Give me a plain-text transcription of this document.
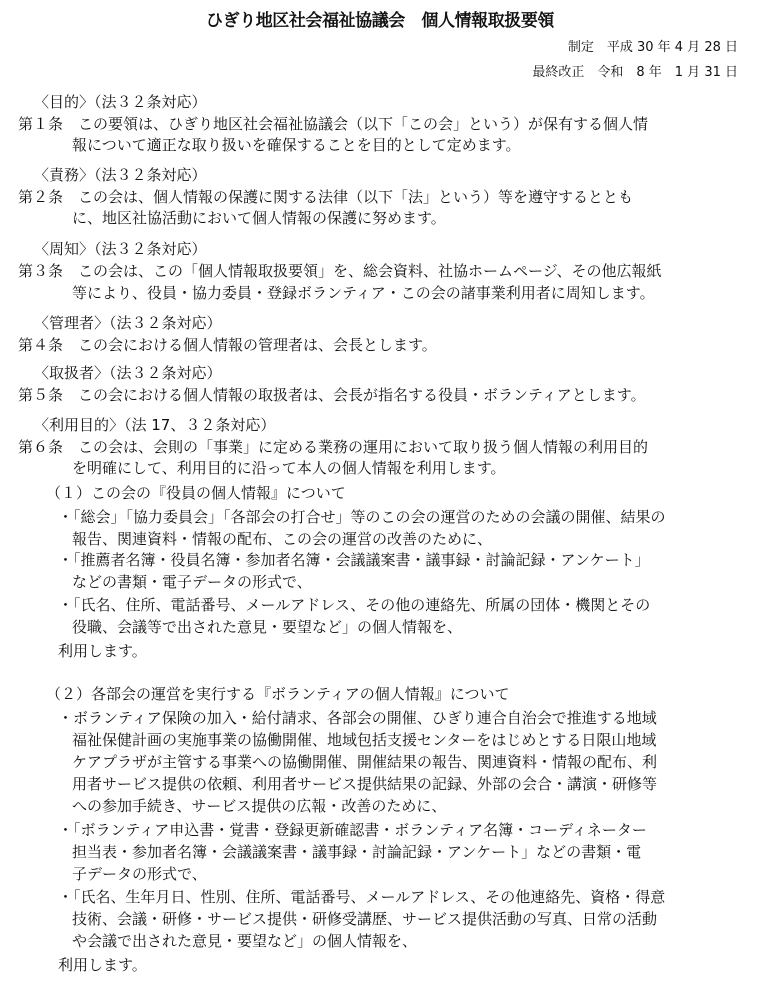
ひぎり地区社会福祉協議会　個人情報取扱要領
制定　平成 30 年 4 月 28 日
最終改正　令和　8 年　1 月 31 日
〈目的〉（法３２条対応）
第１条　この要領は、ひぎり地区社会福祉協議会（以下「この会」という）が保有する個人情
報について適正な取り扱いを確保することを目的として定めます。
〈責務〉（法３２条対応）
第２条　この会は、個人情報の保護に関する法律（以下「法」という）等を遵守するととも
に、地区社協活動において個人情報の保護に努めます。
〈周知〉（法３２条対応）
第３条　この会は、この「個人情報取扱要領」を、総会資料、社協ホームページ、その他広報紙
等により、役員・協力委員・登録ボランティア・この会の諸事業利用者に周知します。
〈管理者〉（法３２条対応）
第４条　この会における個人情報の管理者は、会長とします。
〈取扱者〉（法３２条対応）
第５条　この会における個人情報の取扱者は、会長が指名する役員・ボランティアとします。
〈利用目的〉（法 17、３２条対応）
第６条　この会は、会則の「事業」に定める業務の運用において取り扱う個人情報の利用目的
を明確にして、利用目的に沿って本人の個人情報を利用します。
（１）この会の『役員の個人情報』について
・「総会」「協力委員会」「各部会の打合せ」等のこの会の運営のための会議の開催、結果の
報告、関連資料・情報の配布、この会の運営の改善のために、
・「推薦者名簿・役員名簿・参加者名簿・会議議案書・議事録・討論記録・アンケート」
などの書類・電子データの形式で、
・「氏名、住所、電話番号、メールアドレス、その他の連絡先、所属の団体・機関とその
役職、会議等で出された意見・要望など」の個人情報を、
利用します。
（２）各部会の運営を実行する『ボランティアの個人情報』について
・ボランティア保険の加入・給付請求、各部会の開催、ひぎり連合自治会で推進する地域
福祉保健計画の実施事業の協働開催、地域包括支援センターをはじめとする日限山地域
ケアプラザが主管する事業への協働開催、開催結果の報告、関連資料・情報の配布、利
用者サービス提供の依頼、利用者サービス提供結果の記録、外部の会合・講演・研修等
への参加手続き、サービス提供の広報・改善のために、
・「ボランティア申込書・覚書・登録更新確認書・ボランティア名簿・コーディネーター
担当表・参加者名簿・会議議案書・議事録・討論記録・アンケート」などの書類・電
子データの形式で、
・「氏名、生年月日、性別、住所、電話番号、メールアドレス、その他連絡先、資格・得意
技術、会議・研修・サービス提供・研修受講歴、サービス提供活動の写真、日常の活動
や会議で出された意見・要望など」の個人情報を、
利用します。
